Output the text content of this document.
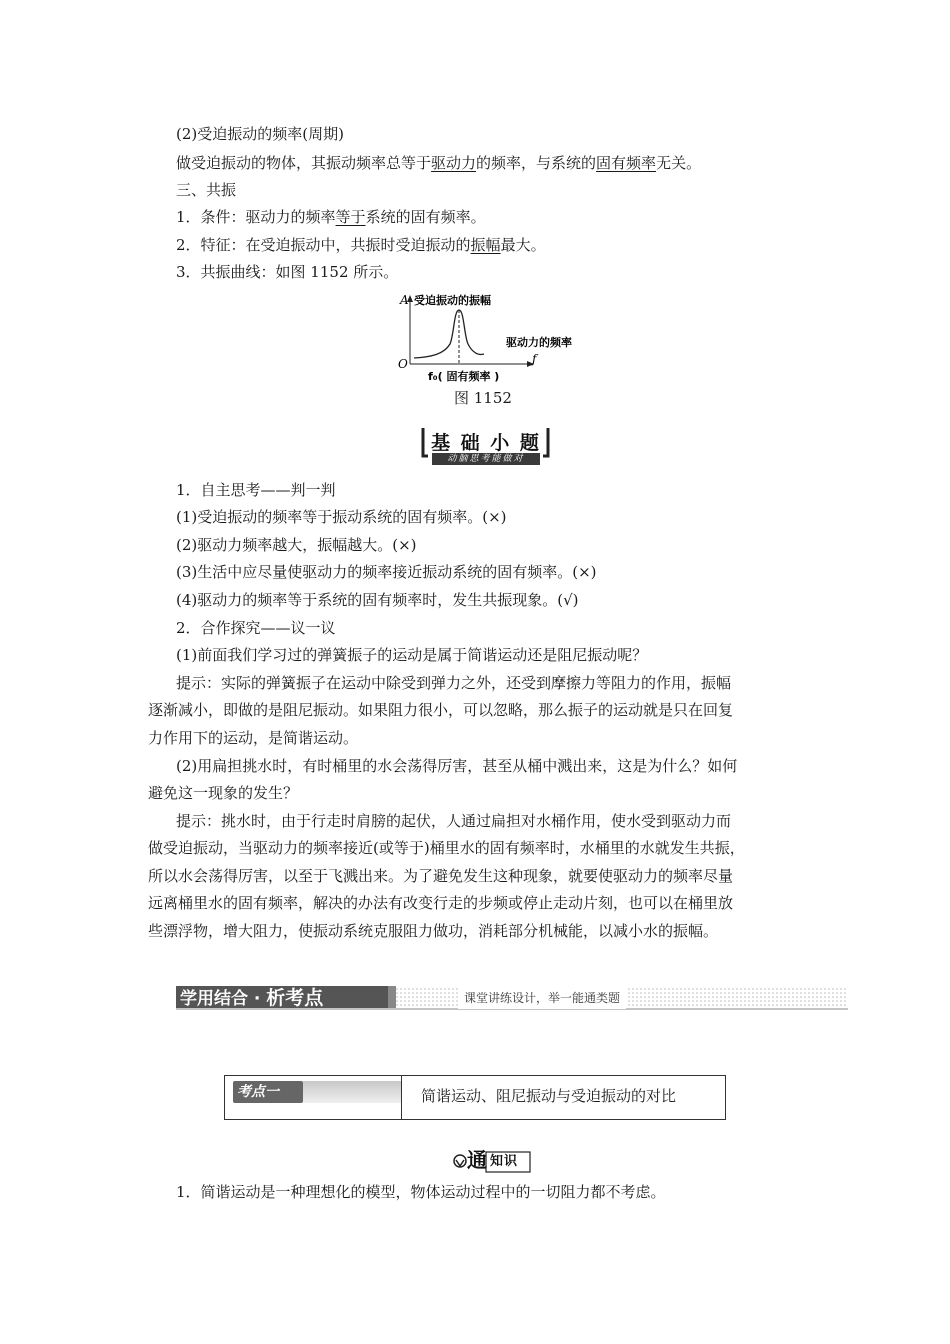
(2)受迫振动的频率(周期)
做受迫振动的物体，其振动频率总等于驱动力的频率，与系统的固有频率无关。
三、共振
1．条件：驱动力的频率等于系统的固有频率。
2．特征：在受迫振动中，共振时受迫振动的振幅最大。
3．共振曲线：如图 1152 所示。
A 受迫振动的振幅
f
驱动力的频率
O
f₀( 固有频率 )
图 1152
基 础 小 题
动脑思考能做对
1．自主思考——判一判
(1)受迫振动的频率等于振动系统的固有频率。(×)
(2)驱动力频率越大，振幅越大。(×)
(3)生活中应尽量使驱动力的频率接近振动系统的固有频率。(×)
(4)驱动力的频率等于系统的固有频率时，发生共振现象。(√)
2．合作探究——议一议
(1)前面我们学习过的弹簧振子的运动是属于简谐运动还是阻尼振动呢？
提示：实际的弹簧振子在运动中除受到弹力之外，还受到摩擦力等阻力的作用，振幅
逐渐减小，即做的是阻尼振动。如果阻力很小，可以忽略，那么振子的运动就是只在回复
力作用下的运动，是简谐运动。
(2)用扁担挑水时，有时桶里的水会荡得厉害，甚至从桶中溅出来，这是为什么？如何
避免这一现象的发生？
提示：挑水时，由于行走时肩膀的起伏，人通过扁担对水桶作用，使水受到驱动力而
做受迫振动，当驱动力的频率接近(或等于)桶里水的固有频率时，水桶里的水就发生共振，
所以水会荡得厉害，以至于飞溅出来。为了避免发生这种现象，就要使驱动力的频率尽量
远离桶里水的固有频率，解决的办法有改变行走的步频或停止走动片刻，也可以在桶里放
些漂浮物，增大阻力，使振动系统克服阻力做功，消耗部分机械能，以减小水的振幅。
学用结合 · 析考点	课堂讲练设计，举一能通类题
考点一	简谐运动、阻尼振动与受迫振动的对比
通 知识
1．简谐运动是一种理想化的模型，物体运动过程中的一切阻力都不考虑。
